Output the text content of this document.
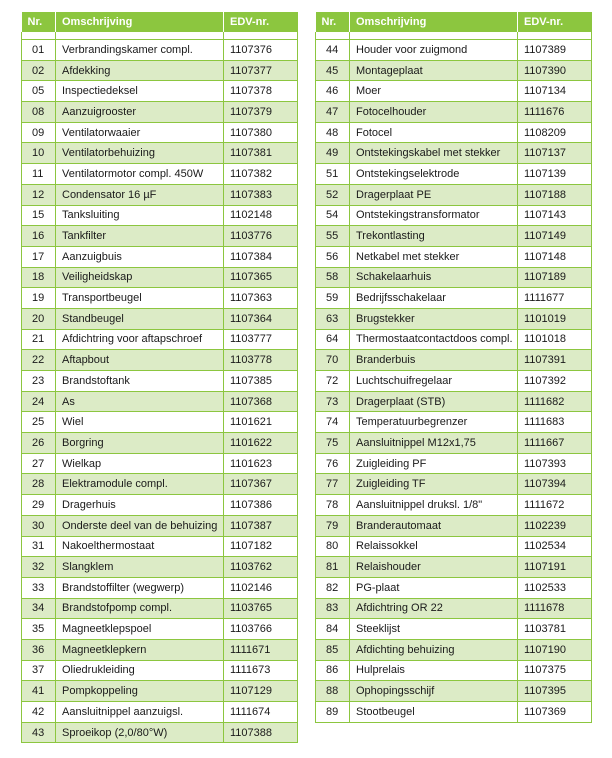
Nr.	Omschrijving	EDV-nr.

01	Verbrandingskamer compl.	1107376
02	Afdekking	1107377
05	Inspectiedeksel	1107378
08	Aanzuigrooster	1107379
09	Ventilatorwaaier	1107380
10	Ventilatorbehuizing	1107381
11	Ventilatormotor compl. 450W	1107382
12	Condensator 16 µF	1107383
15	Tanksluiting	1102148
16	Tankfilter	1103776
17	Aanzuigbuis	1107384
18	Veiligheidskap	1107365
19	Transportbeugel	1107363
20	Standbeugel	1107364
21	Afdichtring voor aftapschroef	1103777
22	Aftapbout	1103778
23	Brandstoftank	1107385
24	As	1107368
25	Wiel	1101621
26	Borgring	1101622
27	Wielkap	1101623
28	Elektramodule compl.	1107367
29	Dragerhuis	1107386
30	Onderste deel van de behuizing	1107387
31	Nakoelthermostaat	1107182
32	Slangklem	1103762
33	Brandstoffilter (wegwerp)	1102146
34	Brandstofpomp compl.	1103765
35	Magneetklepspoel	1103766
36	Magneetklepkern	1111671
37	Oliedrukleiding	1111673
41	Pompkoppeling	1107129
42	Aansluitnippel aanzuigsl.	1111674
43	Sproeikop (2,0/80°W)	1107388
Nr.	Omschrijving	EDV-nr.

44	Houder voor zuigmond	1107389
45	Montageplaat	1107390
46	Moer	1107134
47	Fotocelhouder	1111676
48	Fotocel	1108209
49	Ontstekingskabel met stekker	1107137
51	Ontstekingselektrode	1107139
52	Dragerplaat PE	1107188
54	Ontstekingstransformator	1107143
55	Trekontlasting	1107149
56	Netkabel met stekker	1107148
58	Schakelaarhuis	1107189
59	Bedrijfsschakelaar	1111677
63	Brugstekker	1101019
64	Thermostaatcontactdoos compl.	1101018
70	Branderbuis	1107391
72	Luchtschuifregelaar	1107392
73	Dragerplaat (STB)	1111682
74	Temperatuurbegrenzer	1111683
75	Aansluitnippel M12x1,75	1111667
76	Zuigleiding PF	1107393
77	Zuigleiding TF	1107394
78	Aansluitnippel druksl. 1/8"	1111672
79	Branderautomaat	1102239
80	Relaissokkel	1102534
81	Relaishouder	1107191
82	PG-plaat	1102533
83	Afdichtring OR 22	1111678
84	Steeklijst	1103781
85	Afdichting behuizing	1107190
86	Hulprelais	1107375
88	Ophopingsschijf	1107395
89	Stootbeugel	1107369
